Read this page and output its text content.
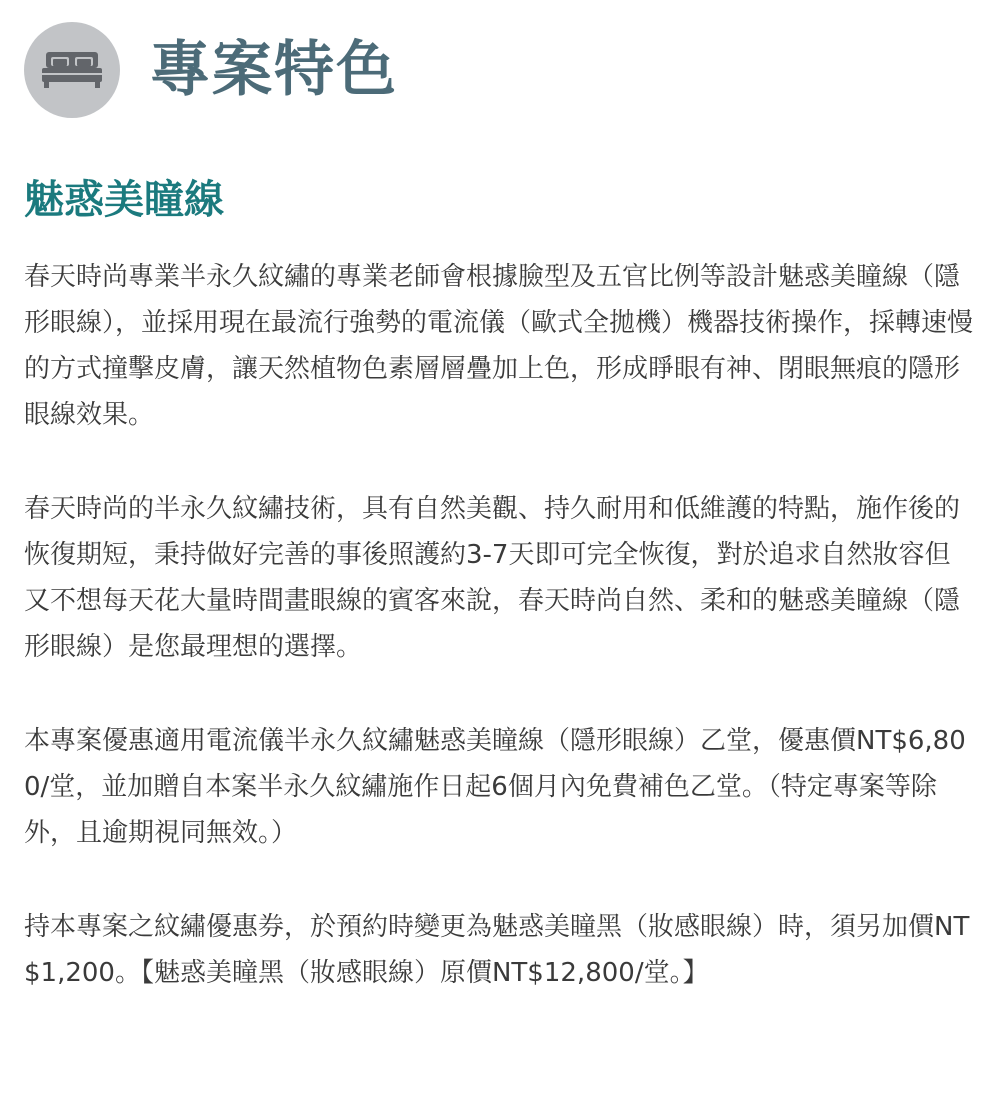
專案特色
魅惑美瞳線

春天時尚專業半永久紋繡的專業老師會根據臉型及五官比例等設計魅惑美瞳線（隱形眼線），並採用現在最流行強勢的電流儀（歐式全拋機）機器技術操作，採轉速慢的方式撞擊皮膚，讓天然植物色素層層疊加上色，形成睜眼有神、閉眼無痕的隱形眼線效果。

春天時尚的半永久紋繡技術，具有自然美觀、持久耐用和低維護的特點，施作後的恢復期短，秉持做好完善的事後照護約3-7天即可完全恢復，對於追求自然妝容但又不想每天花大量時間畫眼線的賓客來說，春天時尚自然、柔和的魅惑美瞳線（隱形眼線）是您最理想的選擇。

本專案優惠適用電流儀半永久紋繡魅惑美瞳線（隱形眼線）乙堂，優惠價NT$6,800/堂，並加贈自本案半永久紋繡施作日起6個月內免費補色乙堂。（特定專案等除外，且逾期視同無效。）

持本專案之紋繡優惠券，於預約時變更為魅惑美瞳黑（妝感眼線）時，須另加價NT$1,200。【魅惑美瞳黑（妝感眼線）原價NT$12,800/堂。】
